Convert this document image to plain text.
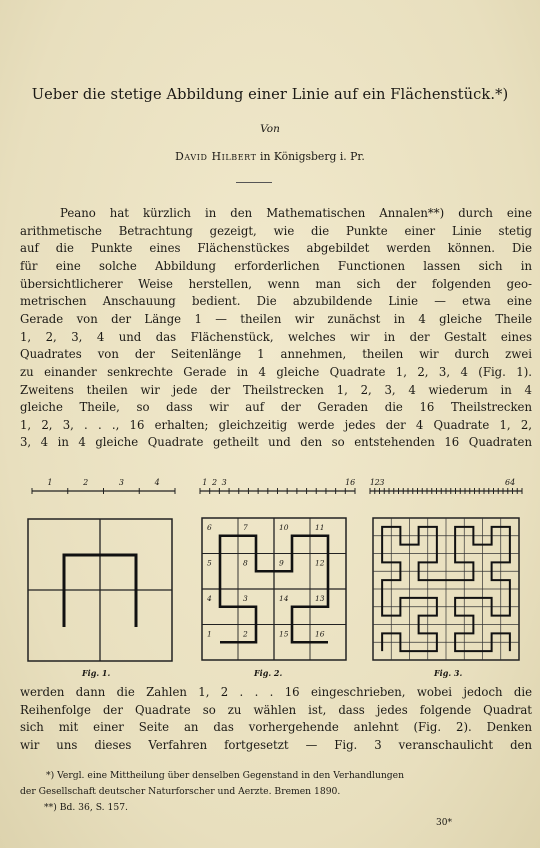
Ueber die stetige Abbildung einer Linie auf ein Flächenstück.*)
Von
David Hilbert in Königsberg i. Pr.
Peano hat kürzlich in den Mathematischen Annalen**) durch eine
arithmetische Betrachtung gezeigt, wie die Punkte einer Linie stetig
auf die Punkte eines Flächenstückes abgebildet werden können. Die
für eine solche Abbildung erforderlichen Functionen lassen sich in
übersichtlicherer Weise herstellen, wenn man sich der folgenden geo-
metrischen Anschauung bedient. Die abzubildende Linie — etwa eine
Gerade von der Länge 1 — theilen wir zunächst in 4 gleiche Theile
1, 2, 3, 4 und das Flächenstück, welches wir in der Gestalt eines
Quadrates von der Seitenlänge 1 annehmen, theilen wir durch zwei
zu einander senkrechte Gerade in 4 gleiche Quadrate 1, 2, 3, 4 (Fig. 1).
Zweitens theilen wir jede der Theilstrecken 1, 2, 3, 4 wiederum in 4
gleiche Theile, so dass wir auf der Geraden die 16 Theilstrecken
1, 2, 3, . . ., 16 erhalten; gleichzeitig werde jedes der 4 Quadrate 1, 2,
3, 4 in 4 gleiche Quadrate getheilt und den so entstehenden 16 Quadraten
1	2	3	4	1 2 3	16
6	7	10	11
5	8	9	12
4	3	14	13
1	2	15	16
1 2 3	64
Fig. 1.	Fig. 2.	Fig. 3.
werden dann die Zahlen 1, 2 . . . 16 eingeschrieben, wobei jedoch die
Reihenfolge der Quadrate so zu wählen ist, dass jedes folgende Quadrat
sich mit einer Seite an das vorhergehende anlehnt (Fig. 2). Denken
wir uns dieses Verfahren fortgesetzt — Fig. 3 veranschaulicht den
*) Vergl. eine Mittheilung über denselben Gegenstand in den Verhandlungen
der Gesellschaft deutscher Naturforscher und Aerzte. Bremen 1890.
**) Bd. 36, S. 157.
30*
